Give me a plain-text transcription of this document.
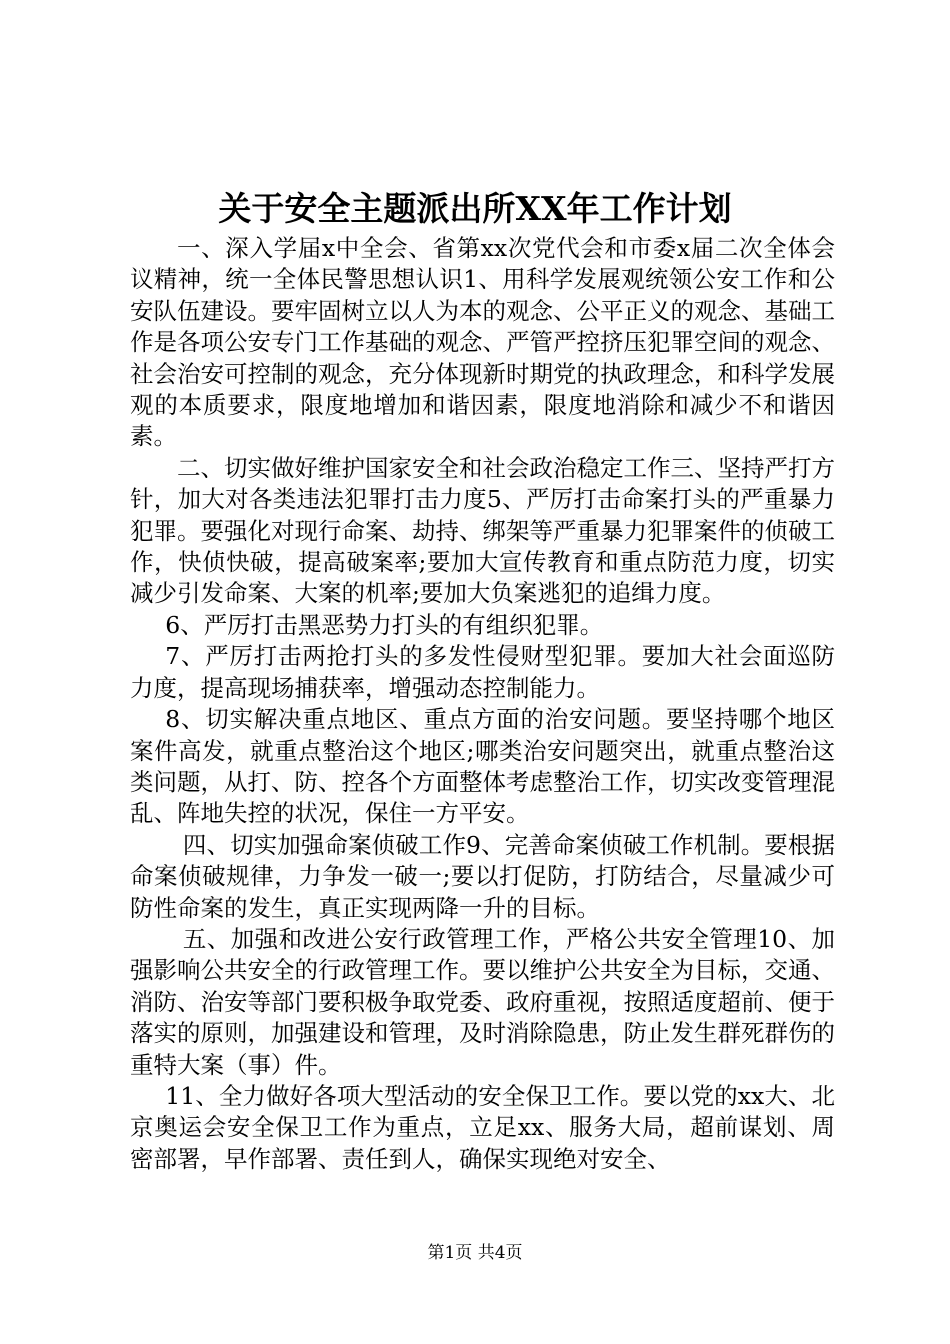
关于安全主题派出所XX年工作计划

一、深入学届x中全会、省第xx次党代会和市委x届二次全体会议精神，统一全体民警思想认识1、用科学发展观统领公安工作和公安队伍建设。要牢固树立以人为本的观念、公平正义的观念、基础工作是各项公安专门工作基础的观念、严管严控挤压犯罪空间的观念、社会治安可控制的观念，充分体现新时期党的执政理念，和科学发展观的本质要求，限度地增加和谐因素，限度地消除和减少不和谐因素。

二、切实做好维护国家安全和社会政治稳定工作三、坚持严打方针，加大对各类违法犯罪打击力度5、严厉打击命案打头的严重暴力犯罪。要强化对现行命案、劫持、绑架等严重暴力犯罪案件的侦破工作，快侦快破，提高破案率;要加大宣传教育和重点防范力度，切实减少引发命案、大案的机率;要加大负案逃犯的追缉力度。

6、严厉打击黑恶势力打头的有组织犯罪。

7、严厉打击两抢打头的多发性侵财型犯罪。要加大社会面巡防力度，提高现场捕获率，增强动态控制能力。

8、切实解决重点地区、重点方面的治安问题。要坚持哪个地区案件高发，就重点整治这个地区;哪类治安问题突出，就重点整治这类问题，从打、防、控各个方面整体考虑整治工作，切实改变管理混乱、阵地失控的状况，保住一方平安。

四、切实加强命案侦破工作9、完善命案侦破工作机制。要根据命案侦破规律，力争发一破一;要以打促防，打防结合，尽量减少可防性命案的发生，真正实现两降一升的目标。

五、加强和改进公安行政管理工作，严格公共安全管理10、加强影响公共安全的行政管理工作。要以维护公共安全为目标，交通、消防、治安等部门要积极争取党委、政府重视，按照适度超前、便于落实的原则，加强建设和管理，及时消除隐患，防止发生群死群伤的重特大案（事）件。

11、全力做好各项大型活动的安全保卫工作。要以党的xx大、北京奥运会安全保卫工作为重点，立足xx、服务大局，超前谋划、周密部署，早作部署、责任到人，确保实现绝对安全、

第1页 共4页
